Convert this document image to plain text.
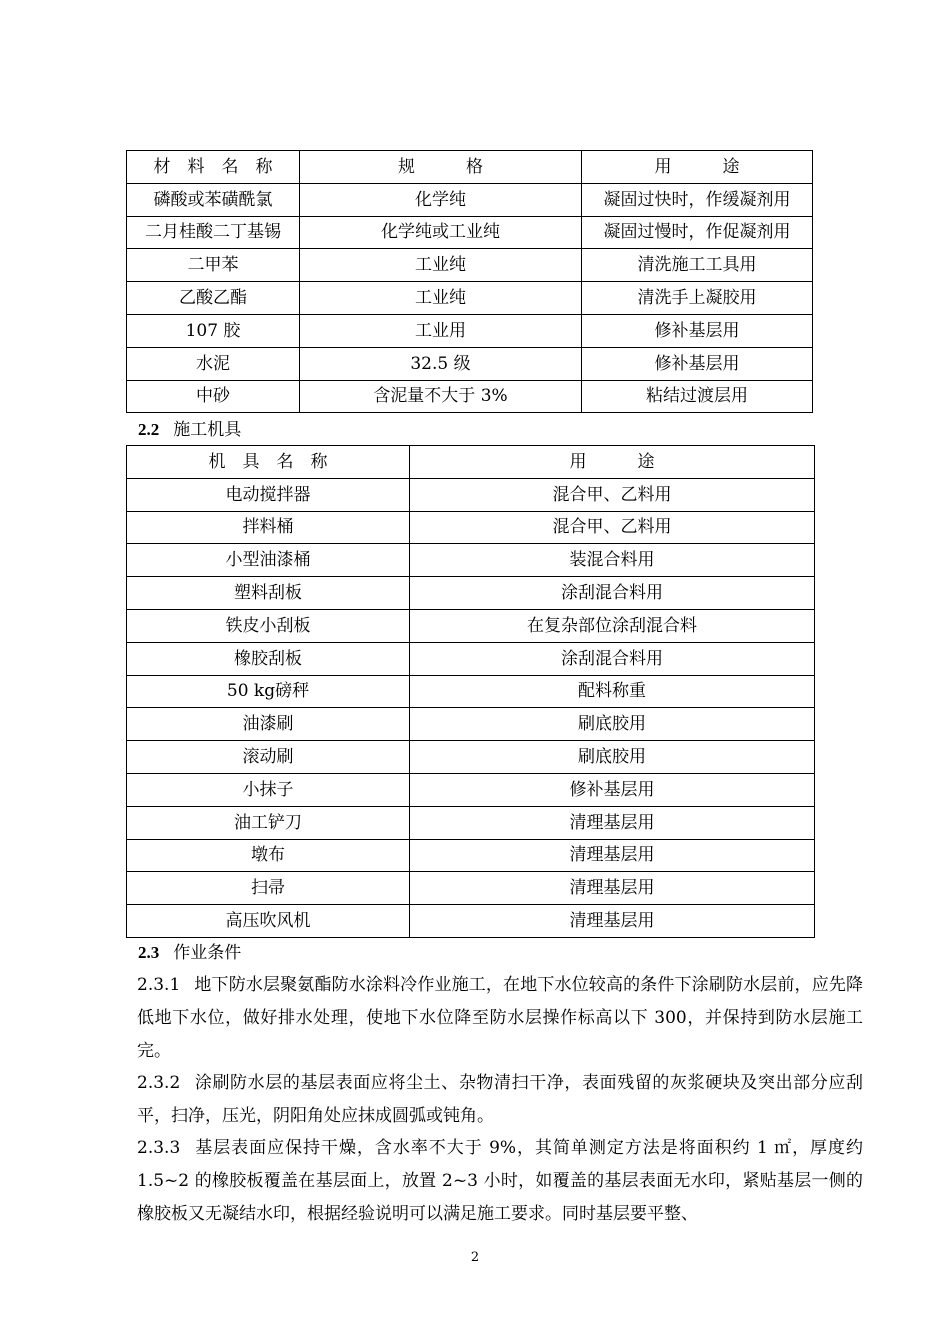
材　料　名　称	规　　　格	用　　　途
磷酸或苯磺酰氯	化学纯	凝固过快时，作缓凝剂用
二月桂酸二丁基锡	化学纯或工业纯	凝固过慢时，作促凝剂用
二甲苯	工业纯	清洗施工工具用
乙酸乙酯	工业纯	清洗手上凝胶用
107 胶	工业用	修补基层用
水泥	32.5 级	修补基层用
中砂	含泥量不大于 3%	粘结过渡层用
2.2 施工机具
机　具　名　称	用　　　途
电动搅拌器	混合甲、乙料用
拌料桶	混合甲、乙料用
小型油漆桶	装混合料用
塑料刮板	涂刮混合料用
铁皮小刮板	在复杂部位涂刮混合料
橡胶刮板	涂刮混合料用
50 kg磅秤	配料称重
油漆刷	刷底胶用
滚动刷	刷底胶用
小抹子	修补基层用
油工铲刀	清理基层用
墩布	清理基层用
扫帚	清理基层用
高压吹风机	清理基层用
2.3 作业条件
2.3.1 地下防水层聚氨酯防水涂料冷作业施工，在地下水位较高的条件下涂刷防水层前，应先降低地下水位，做好排水处理，使地下水位降至防水层操作标高以下 300，并保持到防水层施工完。
2.3.2 涂刷防水层的基层表面应将尘土、杂物清扫干净，表面残留的灰浆硬块及突出部分应刮平，扫净，压光，阴阳角处应抹成圆弧或钝角。
2.3.3 基层表面应保持干燥，含水率不大于 9%，其简单测定方法是将面积约 1 ㎡，厚度约 1.5~2 的橡胶板覆盖在基层面上，放置 2~3 小时，如覆盖的基层表面无水印，紧贴基层一侧的橡胶板又无凝结水印，根据经验说明可以满足施工要求。同时基层要平整、
2
